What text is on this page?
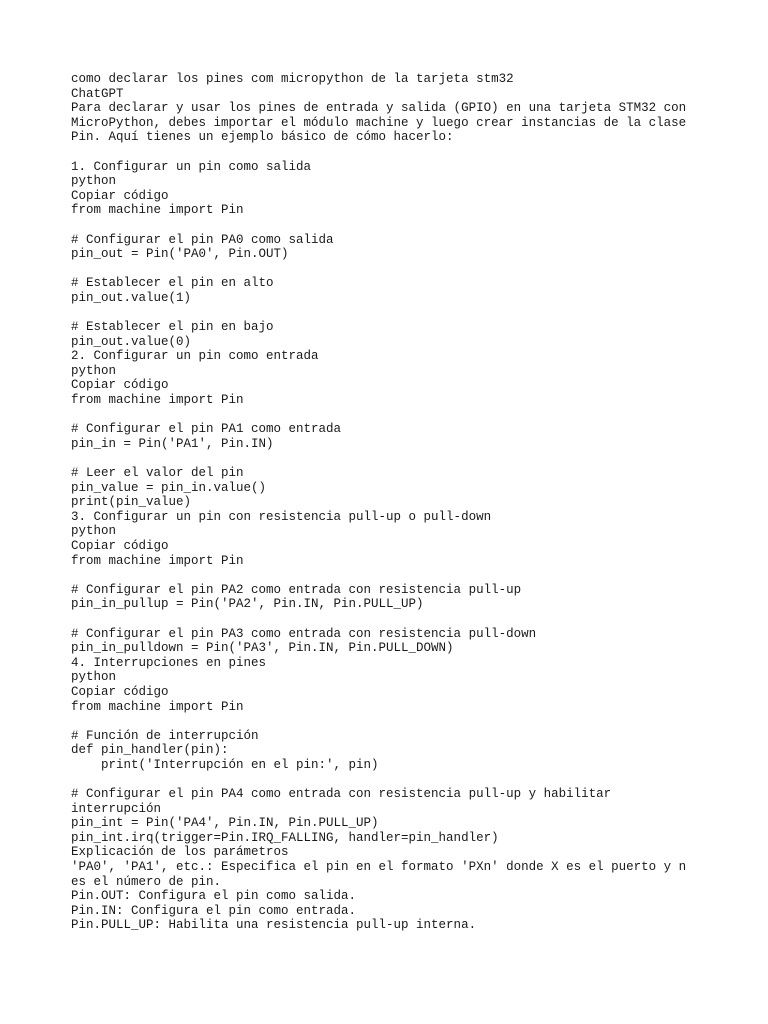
como declarar los pines com micropython de la tarjeta stm32
ChatGPT
Para declarar y usar los pines de entrada y salida (GPIO) en una tarjeta STM32 con
MicroPython, debes importar el módulo machine y luego crear instancias de la clase
Pin. Aquí tienes un ejemplo básico de cómo hacerlo:
1. Configurar un pin como salida
python
Copiar código
from machine import Pin
# Configurar el pin PA0 como salida
pin_out = Pin('PA0', Pin.OUT)
# Establecer el pin en alto
pin_out.value(1)
# Establecer el pin en bajo
pin_out.value(0)
2. Configurar un pin como entrada
python
Copiar código
from machine import Pin
# Configurar el pin PA1 como entrada
pin_in = Pin('PA1', Pin.IN)
# Leer el valor del pin
pin_value = pin_in.value()
print(pin_value)
3. Configurar un pin con resistencia pull-up o pull-down
python
Copiar código
from machine import Pin
# Configurar el pin PA2 como entrada con resistencia pull-up
pin_in_pullup = Pin('PA2', Pin.IN, Pin.PULL_UP)
# Configurar el pin PA3 como entrada con resistencia pull-down
pin_in_pulldown = Pin('PA3', Pin.IN, Pin.PULL_DOWN)
4. Interrupciones en pines
python
Copiar código
from machine import Pin
# Función de interrupción
def pin_handler(pin):
print('Interrupción en el pin:', pin)
# Configurar el pin PA4 como entrada con resistencia pull-up y habilitar
interrupción
pin_int = Pin('PA4', Pin.IN, Pin.PULL_UP)
pin_int.irq(trigger=Pin.IRQ_FALLING, handler=pin_handler)
Explicación de los parámetros
'PA0', 'PA1', etc.: Especifica el pin en el formato 'PXn' donde X es el puerto y n
es el número de pin.
Pin.OUT: Configura el pin como salida.
Pin.IN: Configura el pin como entrada.
Pin.PULL_UP: Habilita una resistencia pull-up interna.
